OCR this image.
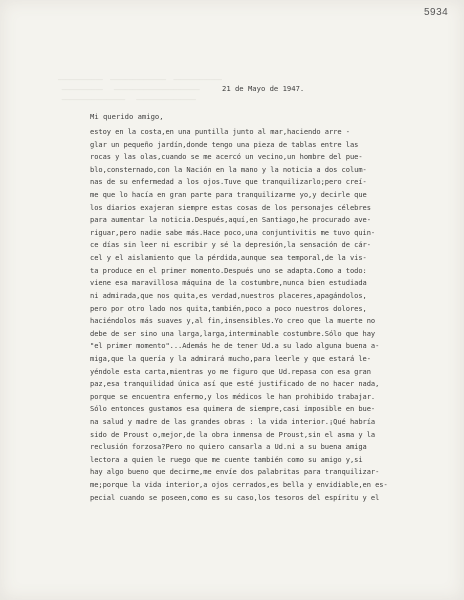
5934

────────────  ───────────────  ─────────────
───────────   ───────────────────────
─────────────────   ────────────────

21 de Mayo de 1947.
Mi querido amigo,
estoy en la costa,en una puntilla junto al mar,haciendo arre -
glar un pequeño jardín,donde tengo una pieza de tablas entre las
rocas y las olas,cuando se me acercó un vecino,un hombre del pue-
blo,consternado,con la Nación en la mano y la noticia a dos colum-
nas de su enfermedad a los ojos.Tuve que tranquilizarlo;pero creí-
me que lo hacía en gran parte para tranquilizarme yo,y decirle que
los diarios exajeran siempre estas cosas de los personajes célebres
para aumentar la noticia.Después,aquí,en Santiago,he procurado ave-
riguar,pero nadie sabe más.Hace poco,una conjuntivitis me tuvo quin-
ce días sin leer ni escribir y sé la depresión,la sensación de cár-
cel y el aislamiento que la pérdida,aunque sea temporal,de la vis-
ta produce en el primer momento.Después uno se adapta.Como a todo:
viene esa maravillosa máquina de la costumbre,nunca bien estudiada
ni admirada,que nos quita,es verdad,nuestros placeres,apagándolos,
pero por otro lado nos quita,también,poco a poco nuestros dolores,
haciéndolos más suaves y,al fin,insensibles.Yo creo que la muerte no
debe de ser sino una larga,larga,interminable costumbre.Sólo que hay
"el primer momento"...Además he de tener Ud.a su lado alguna buena a-
miga,que la quería y la admirará mucho,para leerle y que estará le-
yéndole esta carta,mientras yo me figuro que Ud.repasa con esa gran
paz,esa tranquilidad única así que esté justificado de no hacer nada,
porque se encuentra enfermo,y los médicos le han prohibido trabajar.
Sólo entonces gustamos esa quimera de siempre,casi imposible en bue-
na salud y madre de las grandes obras : la vida interior.¡Qué habría
sido de Proust o,mejor,de la obra inmensa de Proust,sin el asma y la
reclusión forzosa?Pero no quiero cansarla a Ud.ni a su buena amiga
lectora a quien le ruego que me cuente también como su amigo y,si
hay algo bueno que decirme,me envíe dos palabritas para tranquilizar-
me;porque la vida interior,a ojos cerrados,es bella y envidiable,en es-
pecial cuando se poseen,como es su caso,los tesoros del espíritu y el
